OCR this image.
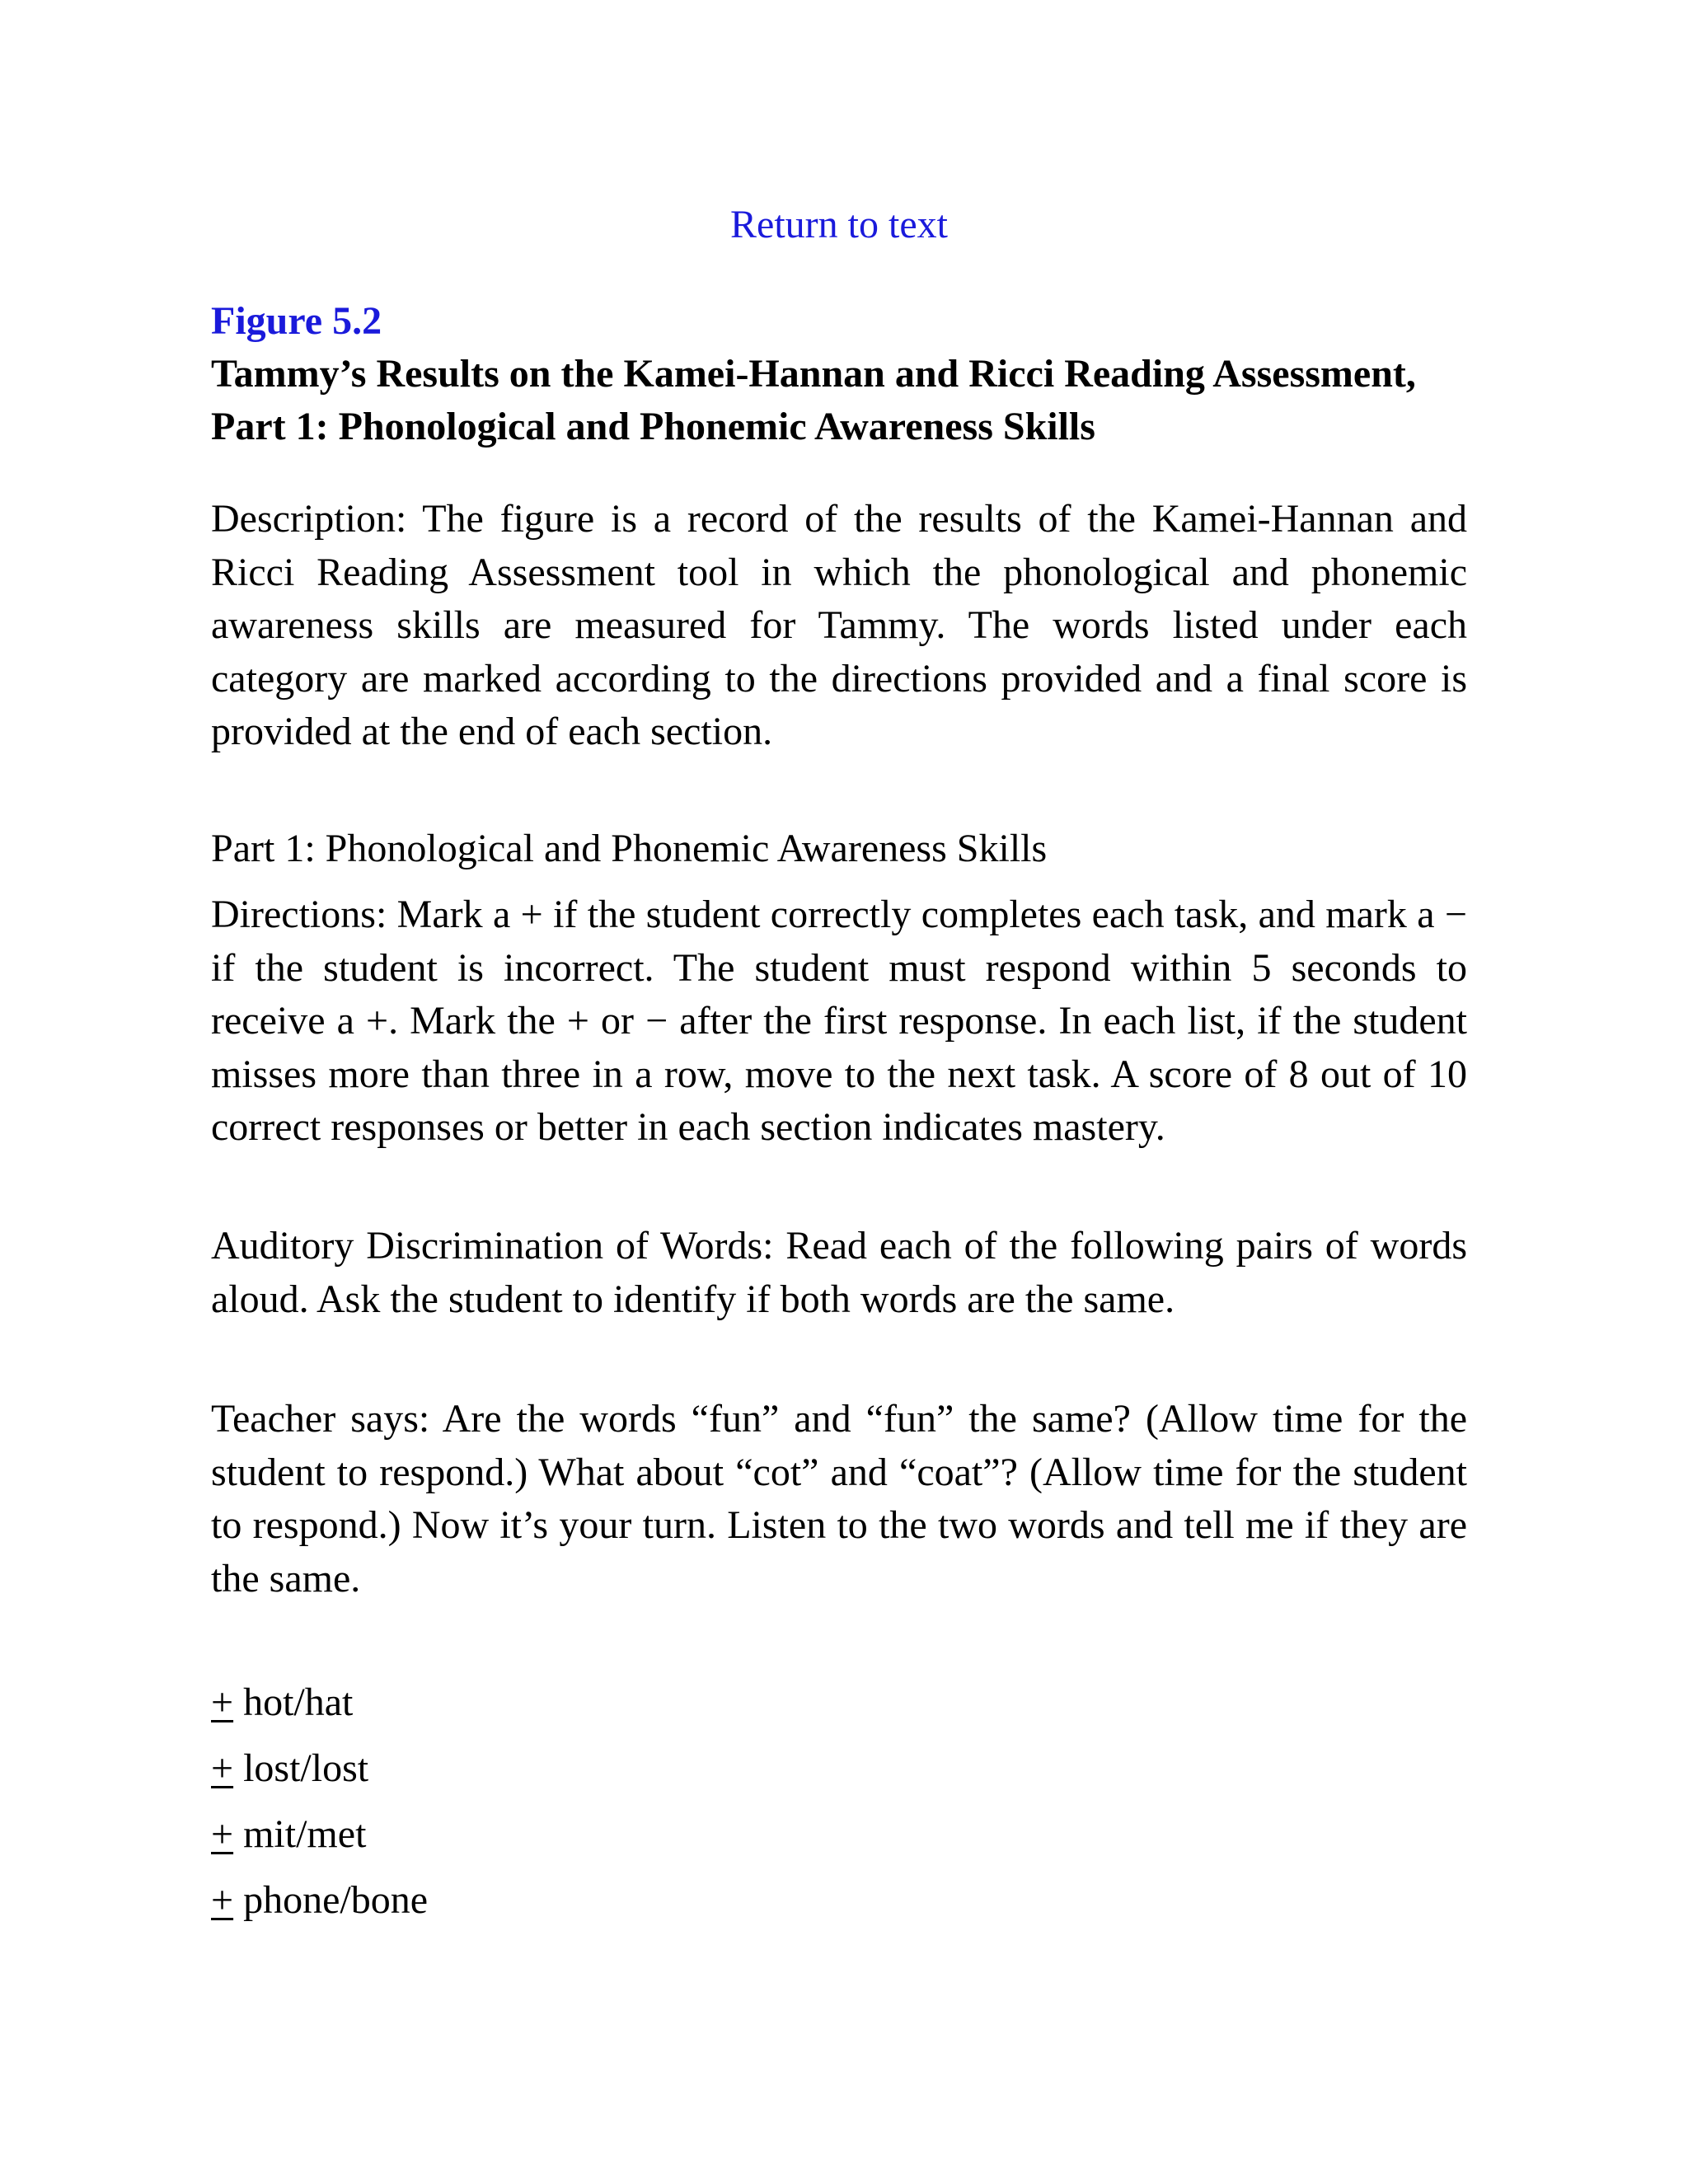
Return to text
Figure 5.2
Tammy’s Results on the Kamei-Hannan and Ricci Reading Assessment, Part 1: Phonological and Phonemic Awareness Skills

Description: The figure is a record of the results of the Kamei-Hannan and Ricci Reading Assessment tool in which the phonological and phonemic awareness skills are measured for Tammy. The words listed under each category are marked according to the directions provided and a final score is provided at the end of each section.

Part 1: Phonological and Phonemic Awareness Skills

Directions: Mark a + if the student correctly completes each task, and mark a − if the student is incorrect. The student must respond within 5 seconds to receive a +. Mark the + or − after the first response. In each list, if the student misses more than three in a row, move to the next task. A score of 8 out of 10 correct responses or better in each section indicates mastery.

Auditory Discrimination of Words: Read each of the following pairs of words aloud. Ask the student to identify if both words are the same.

Teacher says: Are the words “fun” and “fun” the same? (Allow time for the student to respond.) What about “cot” and “coat”? (Allow time for the student to respond.) Now it’s your turn. Listen to the two words and tell me if they are the same.

+ hot/hat
+ lost/lost
+ mit/met
+ phone/bone
